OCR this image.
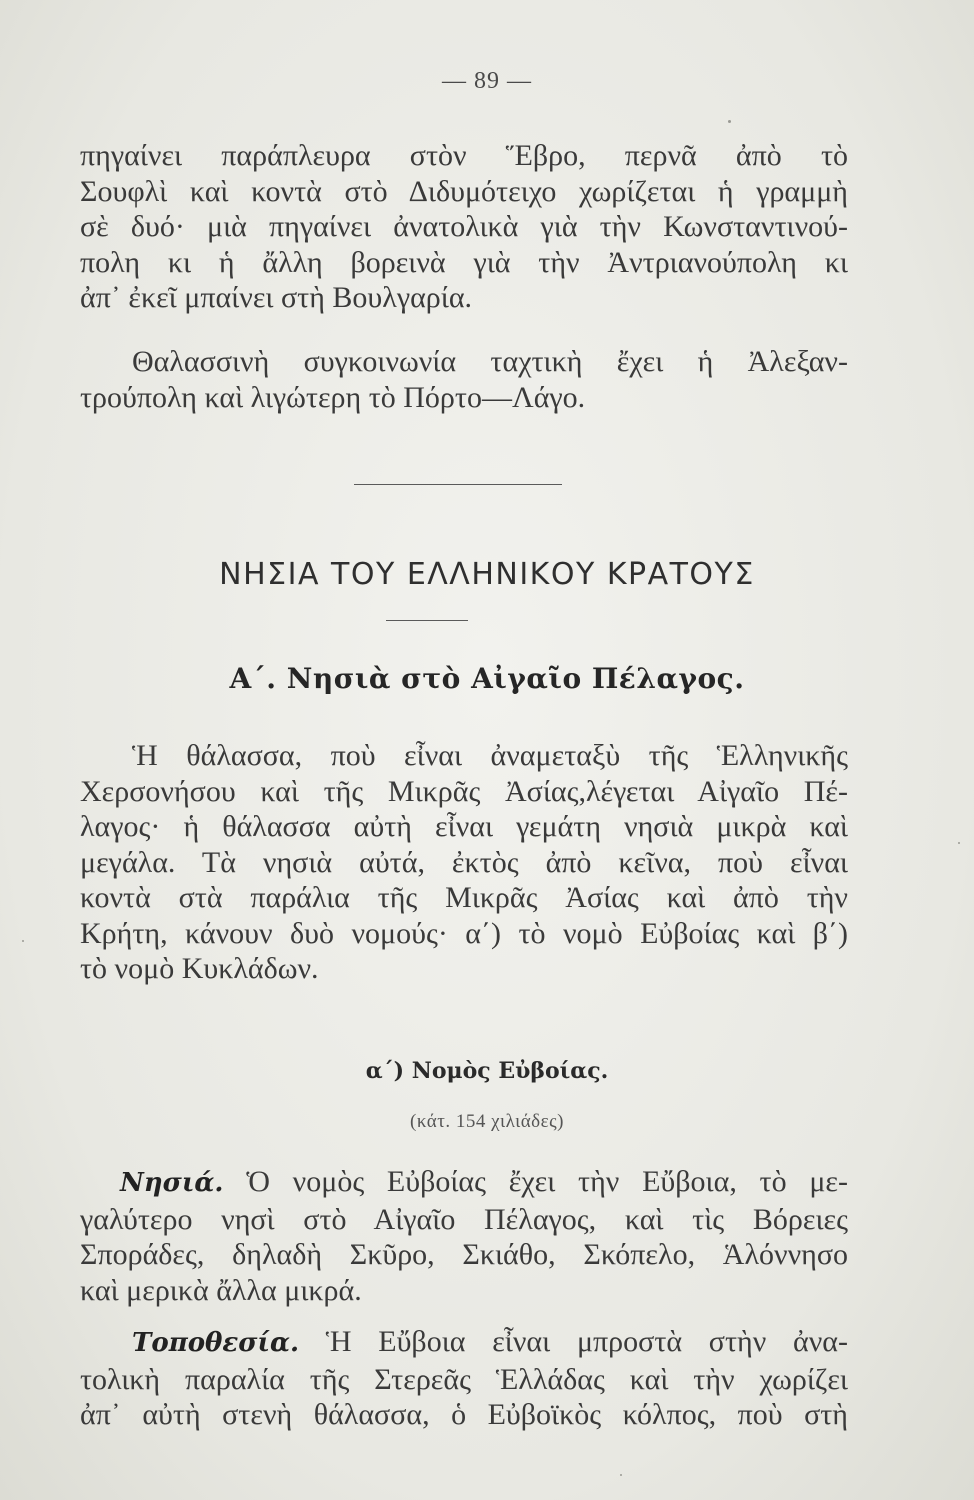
— 89 —
πηγαίνει παράπλευρα στὸν Ἕβρο, περνᾶ ἀπὸ τὸ
Σουφλὶ καὶ κοντὰ στὸ Διδυμότειχο χωρίζεται ἡ γραμμὴ
σὲ δυό· μιὰ πηγαίνει ἀνατολικὰ γιὰ τὴν Κωνσταντινού-
πολη κι ἡ ἄλλη βορεινὰ γιὰ τὴν Ἀντριανούπολη κι
ἀπ᾽ ἐκεῖ μπαίνει στὴ Βουλγαρία.
Θαλασσινὴ συγκοινωνία ταχτικὴ ἔχει ἡ Ἀλεξαν-
τρούπολη καὶ λιγώτερη τὸ Πόρτο—Λάγο.
ΝΗΣΙΑ ΤΟΥ ΕΛΛΗΝΙΚΟΥ ΚΡΑΤΟΥΣ
Α΄. Νησιὰ στὸ Αἰγαῖο Πέλαγος.
Ἡ θάλασσα, ποὺ εἶναι ἀναμεταξὺ τῆς Ἑλληνικῆς
Χερσονήσου καὶ τῆς Μικρᾶς Ἀσίας,λέγεται Αἰγαῖο Πέ-
λαγος· ἡ θάλασσα αὐτὴ εἶναι γεμάτη νησιὰ μικρὰ καὶ
μεγάλα. Τὰ νησιὰ αὐτά, ἐκτὸς ἀπὸ κεῖνα, ποὺ εἶναι
κοντὰ στὰ παράλια τῆς Μικρᾶς Ἀσίας καὶ ἀπὸ τὴν
Κρήτη, κάνουν δυὸ νομούς· α΄) τὸ νομὸ Εὐβοίας καὶ β΄)
τὸ νομὸ Κυκλάδων.
α΄) Νομὸς Εὐβοίας.
(κάτ. 154 χιλιάδες)
Νησιά. Ὁ νομὸς Εὐβοίας ἔχει τὴν Εὔβοια, τὸ με-
γαλύτερο νησὶ στὸ Αἰγαῖο Πέλαγος, καὶ τὶς Βόρειες
Σποράδες, δηλαδὴ Σκῦρο, Σκιάθο, Σκόπελο, Ἁλόννησο
καὶ μερικὰ ἄλλα μικρά.
Τοποθεσία. Ἡ Εὔβοια εἶναι μπροστὰ στὴν ἀνα-
τολικὴ παραλία τῆς Στερεᾶς Ἑλλάδας καὶ τὴν χωρίζει
ἀπ᾽ αὐτὴ στενὴ θάλασσα, ὁ Εὐβοϊκὸς κόλπος, ποὺ στὴ
